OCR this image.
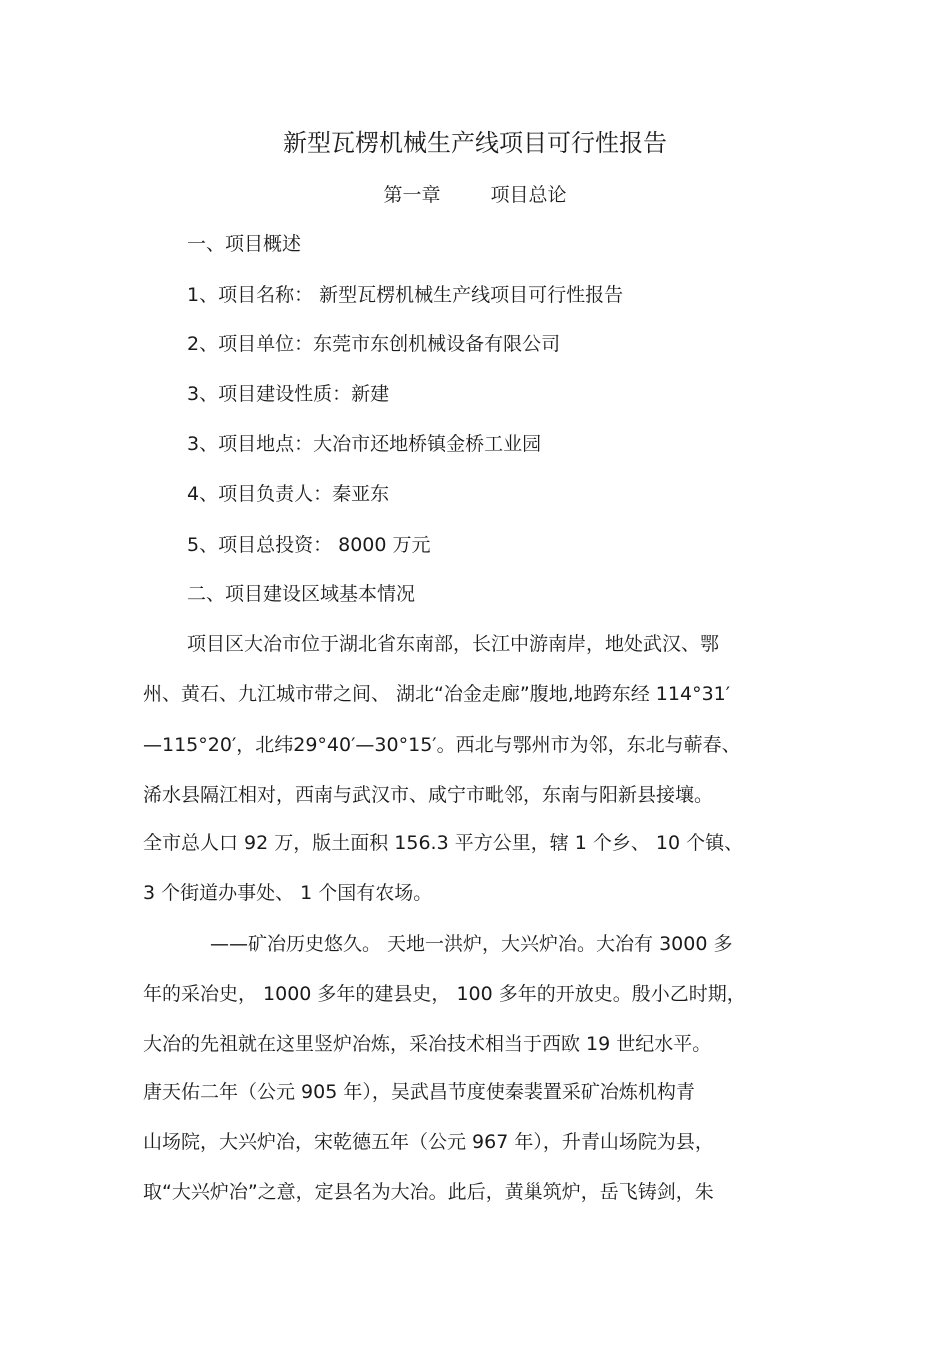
新型瓦楞机械生产线项目可行性报告
第一章	项目总论
一、项目概述
1、项目名称： 新型瓦楞机械生产线项目可行性报告
2、项目单位：东莞市东创机械设备有限公司
3、项目建设性质：新建
3、项目地点：大冶市还地桥镇金桥工业园
4、项目负责人：秦亚东
5、项目总投资： 8000 万元
二、项目建设区域基本情况
项目区大冶市位于湖北省东南部，长江中游南岸，地处武汉、鄂
州、黄石、九江城市带之间、 湖北“冶金走廊”腹地,地跨东经 114°31′
—115°20′，北纬29°40′—30°15′。西北与鄂州市为邻，东北与蕲春、
浠水县隔江相对，西南与武汉市、咸宁市毗邻，东南与阳新县接壤。
全市总人口 92 万，版土面积 156.3 平方公里，辖 1 个乡、 10 个镇、
3 个街道办事处、 1 个国有农场。
——矿冶历史悠久。 天地一洪炉，大兴炉冶。大冶有 3000 多
年的采冶史， 1000 多年的建县史， 100 多年的开放史。殷小乙时期，
大冶的先祖就在这里竖炉冶炼，采冶技术相当于西欧 19 世纪水平。
唐天佑二年（公元 905 年），吴武昌节度使秦裴置采矿冶炼机构青
山场院，大兴炉冶，宋乾德五年（公元 967 年），升青山场院为县，
取“大兴炉冶”之意，定县名为大冶。此后，黄巢筑炉，岳飞铸剑，朱
